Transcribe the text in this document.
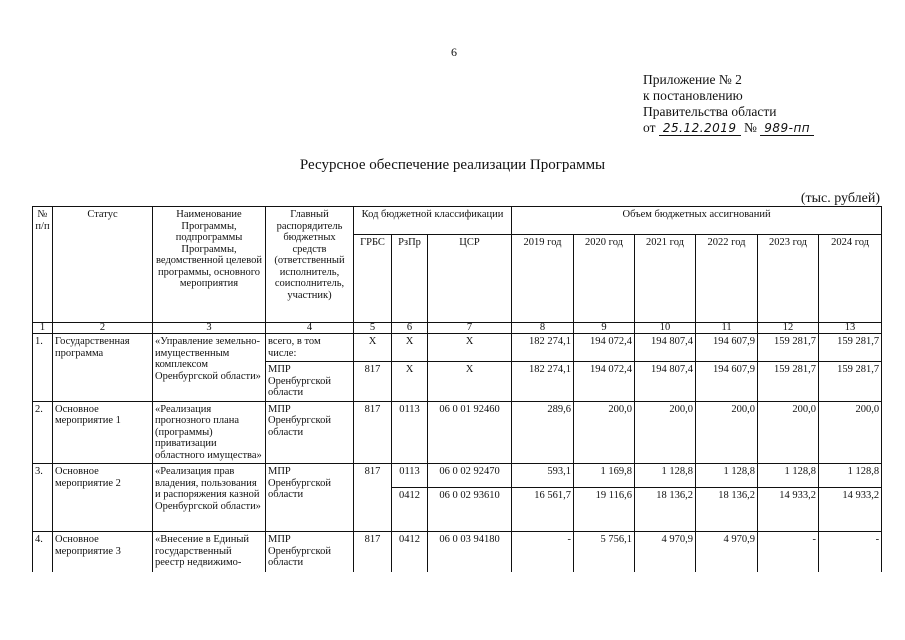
6
Приложение № 2
к постановлению
Правительства области
от 25.12.2019 № 989-пп
Ресурсное обеспечение реализации Программы
(тыс. рублей)
№ п/п	Статус	Наименование Программы, подпрограммы Программы, ведомственной целевой программы, основного мероприятия	Главный распорядитель бюджетных средств (ответственный исполнитель, соисполнитель, участник)	Код бюджетной классификации			Объем бюджетных ассигнований					
				ГРБС	РзПр	ЦСР	2019 год	2020 год	2021 год	2022 год	2023 год	2024 год
1	2	3	4	5	6	7	8	9	10	11	12	13
1.	Государственная программа	«Управление земельно-имущественным комплексом Оренбургской области»	всего, в том числе:	X	X	X	182 274,1	194 072,4	194 807,4	194 607,9	159 281,7	159 281,7
			МПР Оренбургской области	817	X	X	182 274,1	194 072,4	194 807,4	194 607,9	159 281,7	159 281,7
2.	Основное мероприятие 1	«Реализация прогнозного плана (программы) приватизации областного имущества»	МПР Оренбургской области	817	0113	06 0 01 92460	289,6	200,0	200,0	200,0	200,0	200,0
3.	Основное мероприятие 2	«Реализация прав владения, пользования и распоряжения казной Оренбургской области»	МПР Оренбургской области	817	0113	06 0 02 92470	593,1	1 169,8	1 128,8	1 128,8	1 128,8	1 128,8
					0412	06 0 02 93610	16 561,7	19 116,6	18 136,2	18 136,2	14 933,2	14 933,2
4.	Основное мероприятие 3	«Внесение в Единый государственный реестр недвижимо-	МПР Оренбургской области	817	0412	06 0 03 94180	-	5 756,1	4 970,9	4 970,9	-	-
